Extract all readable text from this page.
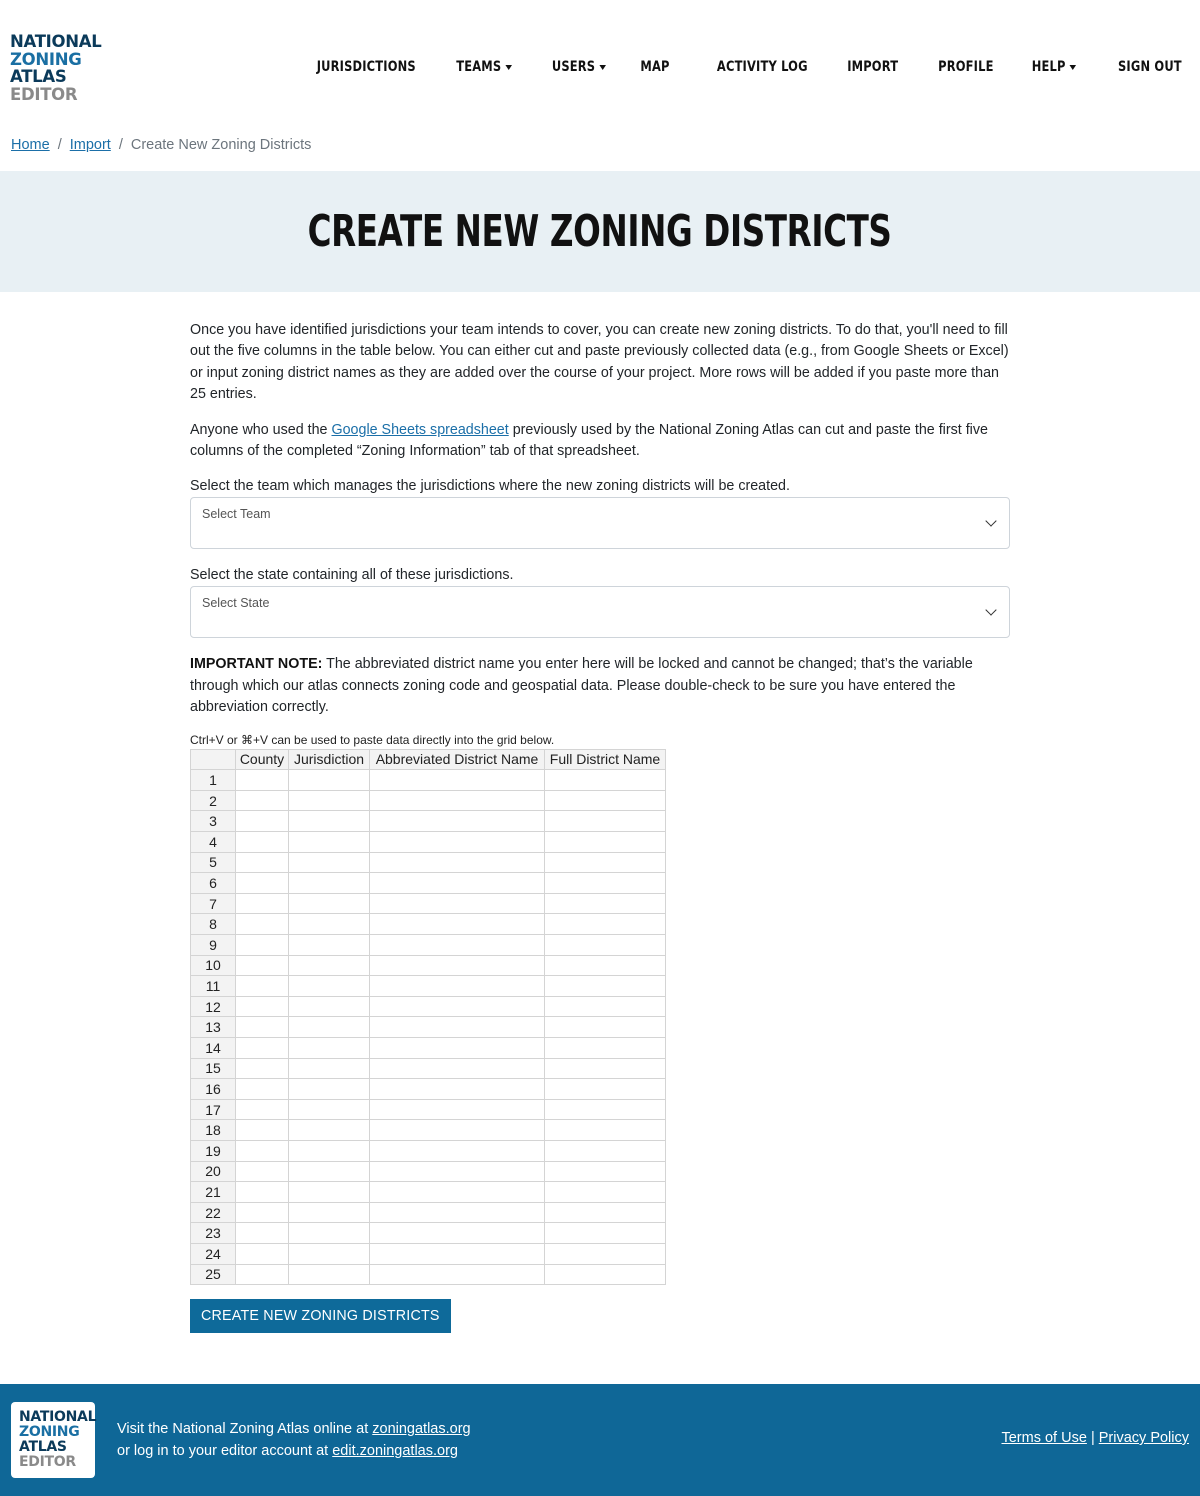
NATIONAL
ZONING
ATLAS
EDITOR
JURISDICTIONS	TEAMS	USERS	MAP	ACTIVITY LOG	IMPORT	PROFILE	HELP	SIGN OUT
Home / Import / Create New Zoning Districts
CREATE NEW ZONING DISTRICTS

Once you have identified jurisdictions your team intends to cover, you can create new zoning districts. To do that, you'll need to fill out the five columns in the table below. You can either cut and paste previously collected data (e.g., from Google Sheets or Excel) or input zoning district names as they are added over the course of your project. More rows will be added if you paste more than 25 entries.

Anyone who used the Google Sheets spreadsheet previously used by the National Zoning Atlas can cut and paste the first five columns of the completed “Zoning Information” tab of that spreadsheet.

Select the team which manages the jurisdictions where the new zoning districts will be created.
Select Team
Select the state containing all of these jurisdictions.
Select State

IMPORTANT NOTE: The abbreviated district name you enter here will be locked and cannot be changed; that’s the variable through which our atlas connects zoning code and geospatial data. Please double-check to be sure you have entered the abbreviation correctly.

Ctrl+V or ⌘+V can be used to paste data directly into the grid below.
	County	Jurisdiction	Abbreviated District Name	Full District Name
1				
2				
3				
4				
5				
6				
7				
8				
9				
10				
11				
12				
13				
14				
15				
16				
17				
18				
19				
20				
21				
22				
23				
24				
25				
CREATE NEW ZONING DISTRICTS
NATIONAL
ZONING
ATLAS
EDITOR
Visit the National Zoning Atlas online at zoningatlas.org
or log in to your editor account at edit.zoningatlas.org
Terms of Use | Privacy Policy
